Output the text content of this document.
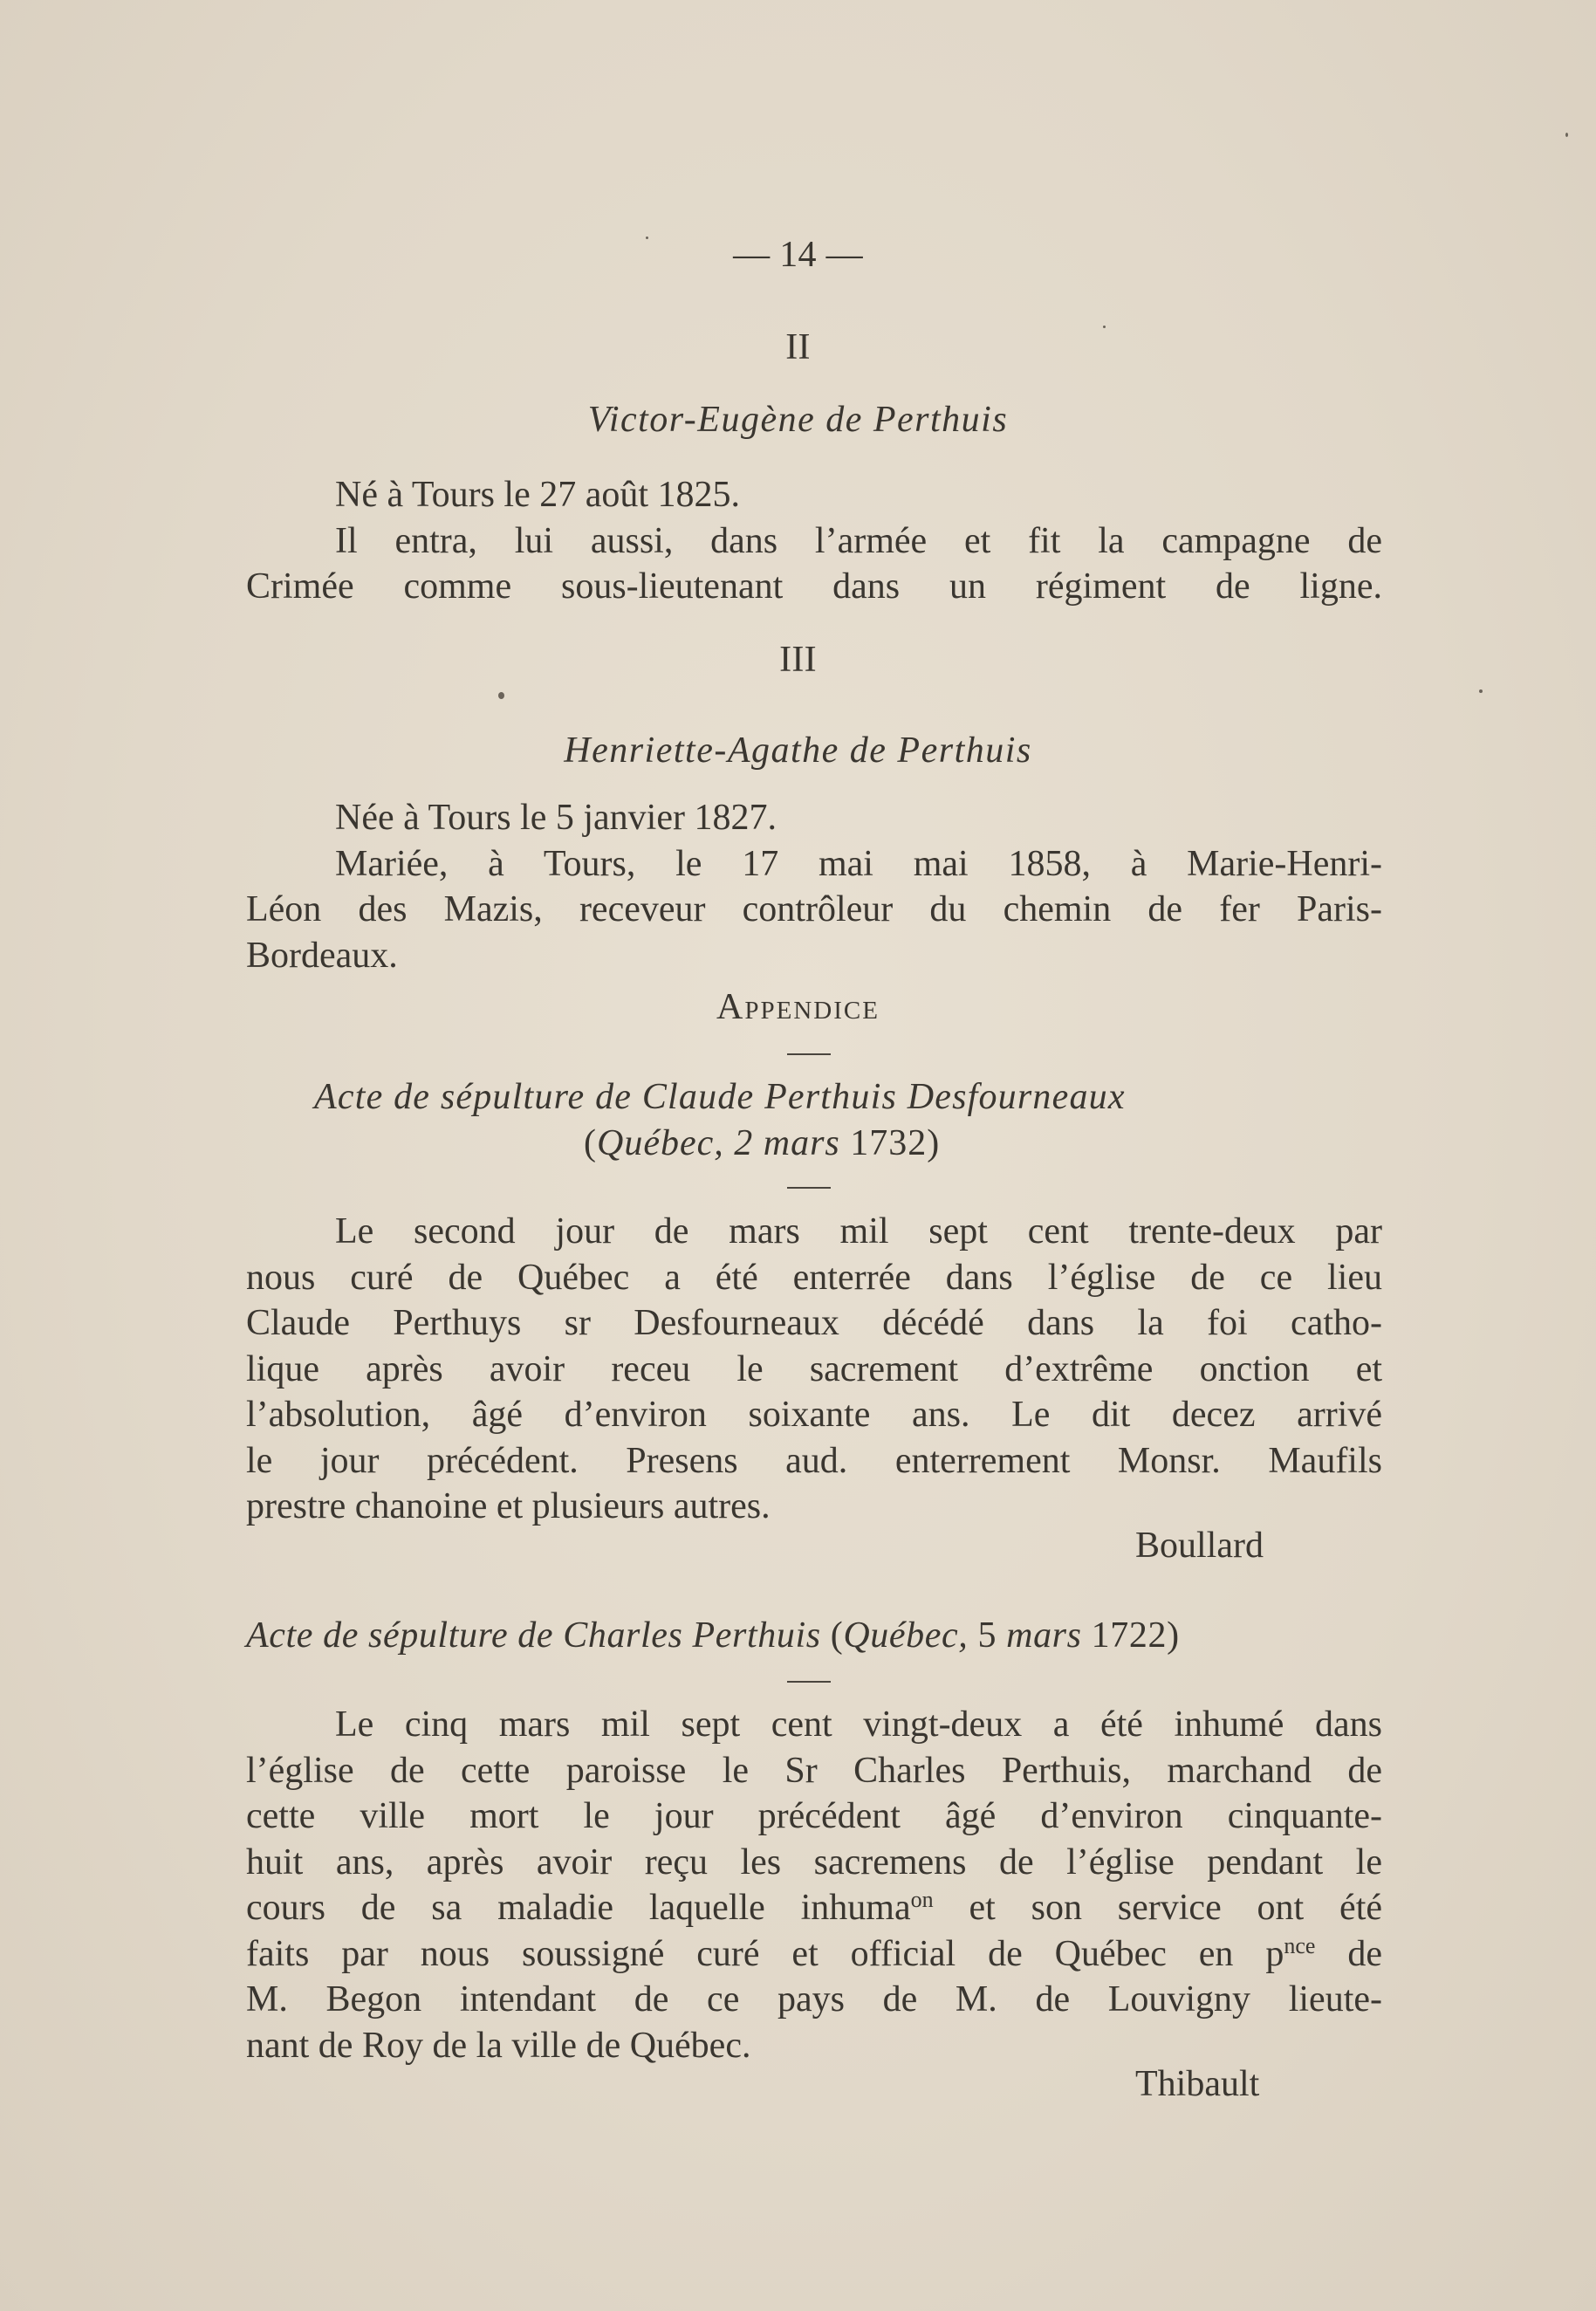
— 14 —
II
Victor-Eugène de Perthuis
Né à Tours le 27 août 1825.
Il entra, lui aussi, dans l’armée et fit la campagne de
Crimée comme sous-lieutenant dans un régiment de ligne.
III
Henriette-Agathe de Perthuis
Née à Tours le 5 janvier 1827.
Mariée, à Tours, le 17 mai mai 1858, à Marie-Henri-
Léon des Mazis, receveur contrôleur du chemin de fer Paris-
Bordeaux.
Appendice
Acte de sépulture de Claude Perthuis Desfourneaux
(Québec, 2 mars 1732)
Le second jour de mars mil sept cent trente-deux par
nous curé de Québec a été enterrée dans l’église de ce lieu
Claude Perthuys sr Desfourneaux décédé dans la foi catho-
lique après avoir receu le sacrement d’extrême onction et
l’absolution, âgé d’environ soixante ans. Le dit decez arrivé
le jour précédent. Presens aud. enterrement Monsr. Maufils
prestre chanoine et plusieurs autres.
Boullard
Acte de sépulture de Charles Perthuis (Québec, 5 mars 1722)
Le cinq mars mil sept cent vingt-deux a été inhumé dans
l’église de cette paroisse le Sr Charles Perthuis, marchand de
cette ville mort le jour précédent âgé d’environ cinquante-
huit ans, après avoir reçu les sacremens de l’église pendant le
cours de sa maladie laquelle inhuma$^{on}$ et son service ont été
faits par nous soussigné curé et official de Québec en $p^{nce}$ de
M. Begon intendant de ce pays de M. de Louvigny lieute-
nant de Roy de la ville de Québec.
Thibault
